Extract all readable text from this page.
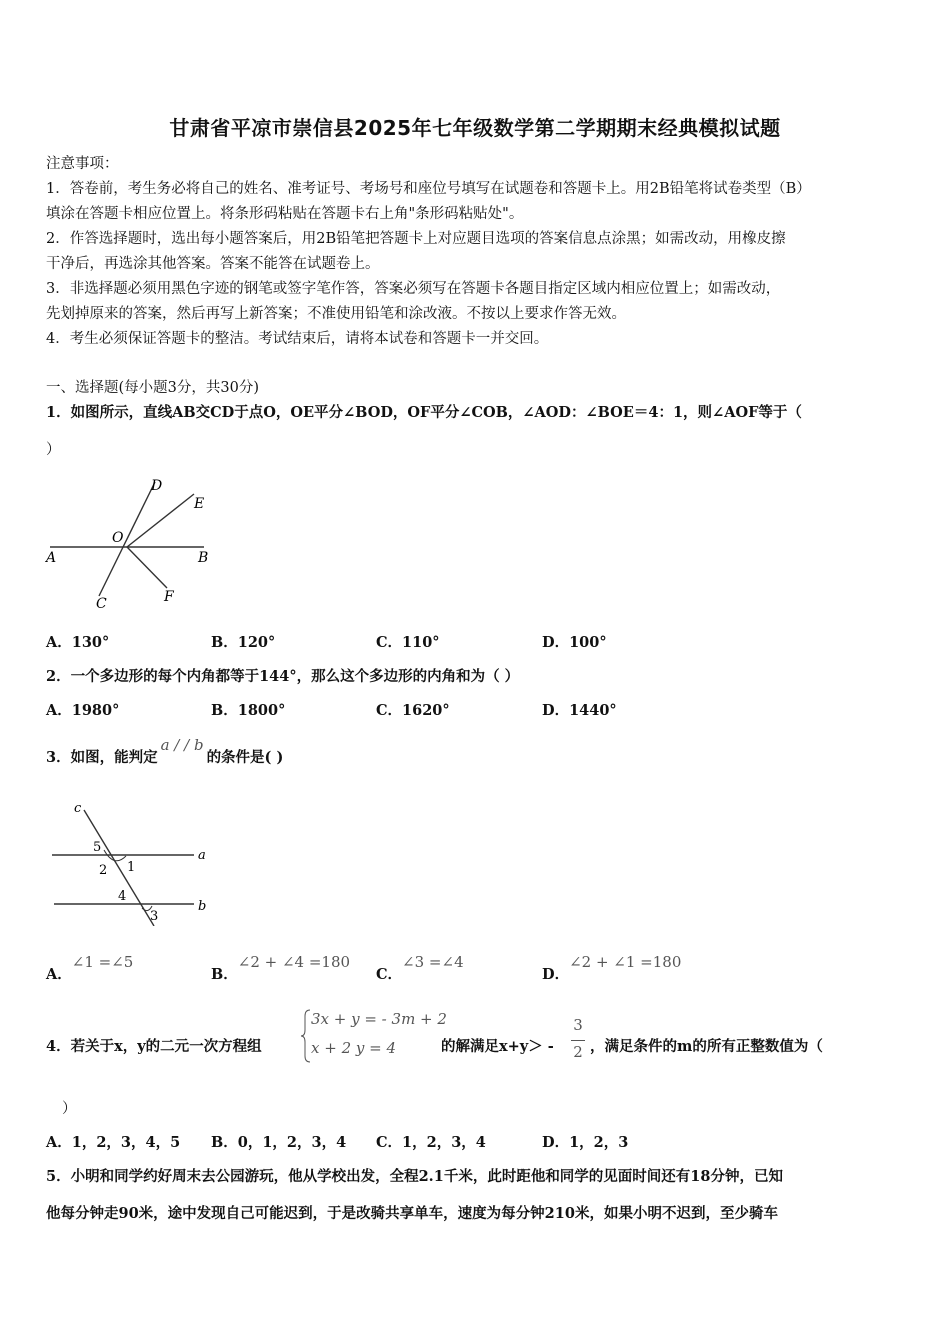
甘肃省平凉市崇信县2025年七年级数学第二学期期末经典模拟试题
注意事项：
1．答卷前，考生务必将自己的姓名、准考证号、考场号和座位号填写在试题卷和答题卡上。用2B铅笔将试卷类型（B）
填涂在答题卡相应位置上。将条形码粘贴在答题卡右上角"条形码粘贴处"。
2．作答选择题时，选出每小题答案后，用2B铅笔把答题卡上对应题目选项的答案信息点涂黑；如需改动，用橡皮擦
干净后，再选涂其他答案。答案不能答在试题卷上。
3．非选择题必须用黑色字迹的钢笔或签字笔作答，答案必须写在答题卡各题目指定区域内相应位置上；如需改动，
先划掉原来的答案，然后再写上新答案；不准使用铅笔和涂改液。不按以上要求作答无效。
4．考生必须保证答题卡的整洁。考试结束后，请将本试卷和答题卡一并交回。
一、选择题(每小题3分，共30分)
1．如图所示，直线AB交CD于点O，OE平分∠BOD，OF平分∠COB，∠AOD：∠BOE＝4：1，则∠AOF等于（
）
A	B
C
D
E
F
O
A．130°	B．120°	C．110°	D．100°
2．一个多边形的每个内角都等于144°，那么这个多边形的内角和为（ ）
A．1980°	B．1800°	C．1620°	D．1440°
3．如图，能判定a / / b的条件是( )
c
a
b
5
1
2
4
3
A．∠1 =∠5
B．∠2 + ∠4 =180
C．∠3 =∠4
D．∠2 + ∠1 =180
4．若关于x，y的二元一次方程组
3x + y = - 3m + 2
x + 2 y = 4	的解满足x+y＞ -
3
2 ，满足条件的m的所有正整数值为（
）
A．1，2，3，4，5 B．0，1，2，3，4 C．1，2，3，4	D．1，2，3
5．小明和同学约好周末去公园游玩，他从学校出发，全程2.1千米，此时距他和同学的见面时间还有18分钟，已知
他每分钟走90米，途中发现自己可能迟到，于是改骑共享单车，速度为每分钟210米，如果小明不迟到，至少骑车
